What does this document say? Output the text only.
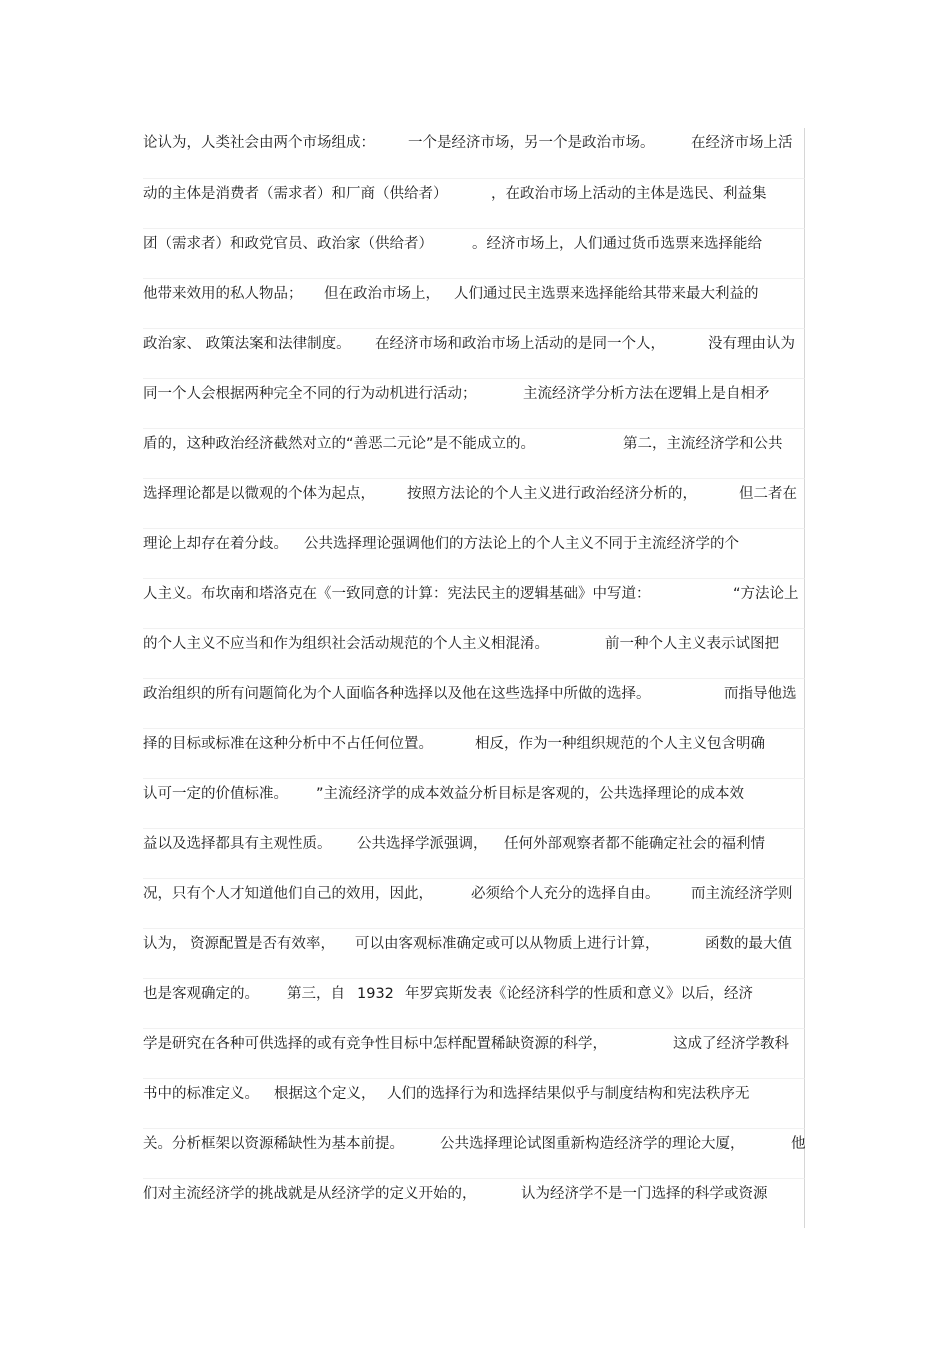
论认为，人类社会由两个市场组成： 一个是经济市场，另一个是政治市场。	在经济市场上活
动的主体是消费者（需求者）和厂商（供给者）	，在政治市场上活动的主体是选民、利益集
团（需求者）和政党官员、政治家（供给者）	。经济市场上，人们通过货币选票来选择能给
他带来效用的私人物品； 但在政治市场上， 人们通过民主选票来选择能给其带来最大利益的
政治家、 政策法案和法律制度。 在经济市场和政治市场上活动的是同一个人，	没有理由认为
同一个人会根据两种完全不同的行为动机进行活动；	主流经济学分析方法在逻辑上是自相矛
盾的，这种政治经济截然对立的“善恶二元论”是不能成立的。	第二，主流经济学和公共
选择理论都是以微观的个体为起点， 按照方法论的个人主义进行政治经济分析的，	但二者在
理论上却存在着分歧。 公共选择理论强调他们的方法论上的个人主义不同于主流经济学的个
人主义。布坎南和塔洛克在《一致同意的计算：宪法民主的逻辑基础》中写道：	“方法论上
的个人主义不应当和作为组织社会活动规范的个人主义相混淆。	前一种个人主义表示试图把
政治组织的所有问题简化为个人面临各种选择以及他在这些选择中所做的选择。	而指导他选
择的目标或标准在这种分析中不占任何位置。	相反，作为一种组织规范的个人主义包含明确
认可一定的价值标准。 ”主流经济学的成本效益分析目标是客观的，公共选择理论的成本效
益以及选择都具有主观性质。 公共选择学派强调， 任何外部观察者都不能确定社会的福利情
况，只有个人才知道他们自己的效用，因此，	必须给个人充分的选择自由。 而主流经济学则
认为， 资源配置是否有效率， 可以由客观标准确定或可以从物质上进行计算，	函数的最大值
也是客观确定的。 第三，自 1932 年罗宾斯发表《论经济科学的性质和意义》以后，经济
学是研究在各种可供选择的或有竞争性目标中怎样配置稀缺资源的科学，	这成了经济学教科
书中的标准定义。 根据这个定义， 人们的选择行为和选择结果似乎与制度结构和宪法秩序无
关。分析框架以资源稀缺性为基本前提。 公共选择理论试图重新构造经济学的理论大厦，	他
们对主流经济学的挑战就是从经济学的定义开始的，	认为经济学不是一门选择的科学或资源
